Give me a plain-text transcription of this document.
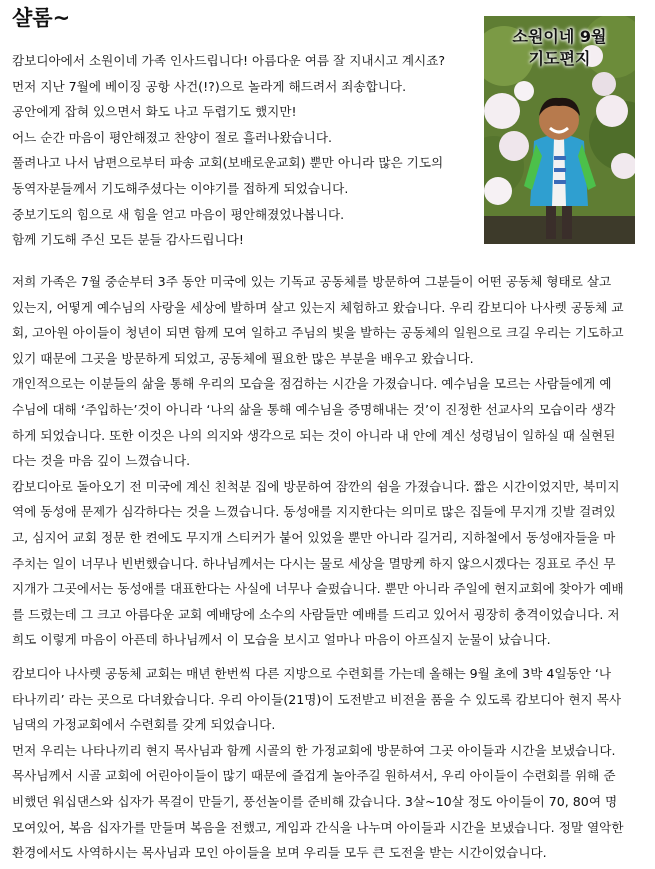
샬롬~
캄보디아에서 소원이네 가족 인사드립니다! 아름다운 여름 잘 지내시고 계시죠?
먼저 지난 7월에 베이징 공항 사건(!?)으로 놀라게 해드려서 죄송합니다.
공안에게 잡혀 있으면서 화도 나고 두렵기도 했지만!
어느 순간 마음이 평안해졌고 찬양이 절로 흘러나왔습니다.
풀려나고 나서 남편으로부터 파송 교회(보배로운교회) 뿐만 아니라 많은 기도의
동역자분들께서 기도해주셨다는 이야기를 접하게 되었습니다.
중보기도의 힘으로 새 힘을 얻고 마음이 평안해졌었나봅니다.
함께 기도해 주신 모든 분들 감사드립니다!
소원이네 9월
기도편지
저희 가족은 7월 중순부터 3주 동안 미국에 있는 기독교 공동체를 방문하여 그분들이 어떤 공동체 형태로 살고
있는지, 어떻게 예수님의 사랑을 세상에 발하며 살고 있는지 체험하고 왔습니다. 우리 캄보디아 나사렛 공동체 교
회, 고아원 아이들이 청년이 되면 함께 모여 일하고 주님의 빛을 발하는 공동체의 일원으로 크길 우리는 기도하고
있기 때문에 그곳을 방문하게 되었고, 공동체에 필요한 많은 부분을 배우고 왔습니다.
개인적으로는 이분들의 삶을 통해 우리의 모습을 점검하는 시간을 가졌습니다. 예수님을 모르는 사람들에게 예
수님에 대해 ‘주입하는’것이 아니라 ‘나의 삶을 통해 예수님을 증명해내는 것’이 진정한 선교사의 모습이라 생각
하게 되었습니다. 또한 이것은 나의 의지와 생각으로 되는 것이 아니라 내 안에 계신 성령님이 일하실 때 실현된
다는 것을 마음 깊이 느꼈습니다.
캄보디아로 돌아오기 전 미국에 계신 친척분 집에 방문하여 잠깐의 쉼을 가졌습니다. 짧은 시간이었지만, 북미지
역에 동성애 문제가 심각하다는 것을 느꼈습니다. 동성애를 지지한다는 의미로 많은 집들에 무지개 깃발 걸려있
고, 심지어 교회 정문 한 켠에도 무지개 스티커가 붙어 있었을 뿐만 아니라 길거리, 지하철에서 동성애자들을 마
주치는 일이 너무나 빈번했습니다. 하나님께서는 다시는 물로 세상을 멸망케 하지 않으시겠다는 징표로 주신 무
지개가 그곳에서는 동성애를 대표한다는 사실에 너무나 슬펐습니다. 뿐만 아니라 주일에 현지교회에 찾아가 예배
를 드렸는데 그 크고 아름다운 교회 예배당에 소수의 사람들만 예배를 드리고 있어서 굉장히 충격이었습니다. 저
희도 이렇게 마음이 아픈데 하나님께서 이 모습을 보시고 얼마나 마음이 아프실지 눈물이 났습니다.
캄보디아 나사렛 공동체 교회는 매년 한번씩 다른 지방으로 수련회를 가는데 올해는 9월 초에 3박 4일동안 ‘나
타나끼리’ 라는 곳으로 다녀왔습니다. 우리 아이들(21명)이 도전받고 비전을 품을 수 있도록 캄보디아 현지 목사
님댁의 가정교회에서 수련회를 갖게 되었습니다.
먼저 우리는 나타나끼리 현지 목사님과 함께 시골의 한 가정교회에 방문하여 그곳 아이들과 시간을 보냈습니다.
목사님께서 시골 교회에 어린아이들이 많기 때문에 즐겁게 놀아주길 원하셔서, 우리 아이들이 수련회를 위해 준
비했던 워십댄스와 십자가 목걸이 만들기, 풍선놀이를 준비해 갔습니다. 3살~10살 정도 아이들이 70, 80여 명
모여있어, 복음 십자가를 만들며 복음을 전했고, 게임과 간식을 나누며 아이들과 시간을 보냈습니다. 정말 열악한
환경에서도 사역하시는 목사님과 모인 아이들을 보며 우리들 모두 큰 도전을 받는 시간이었습니다.
